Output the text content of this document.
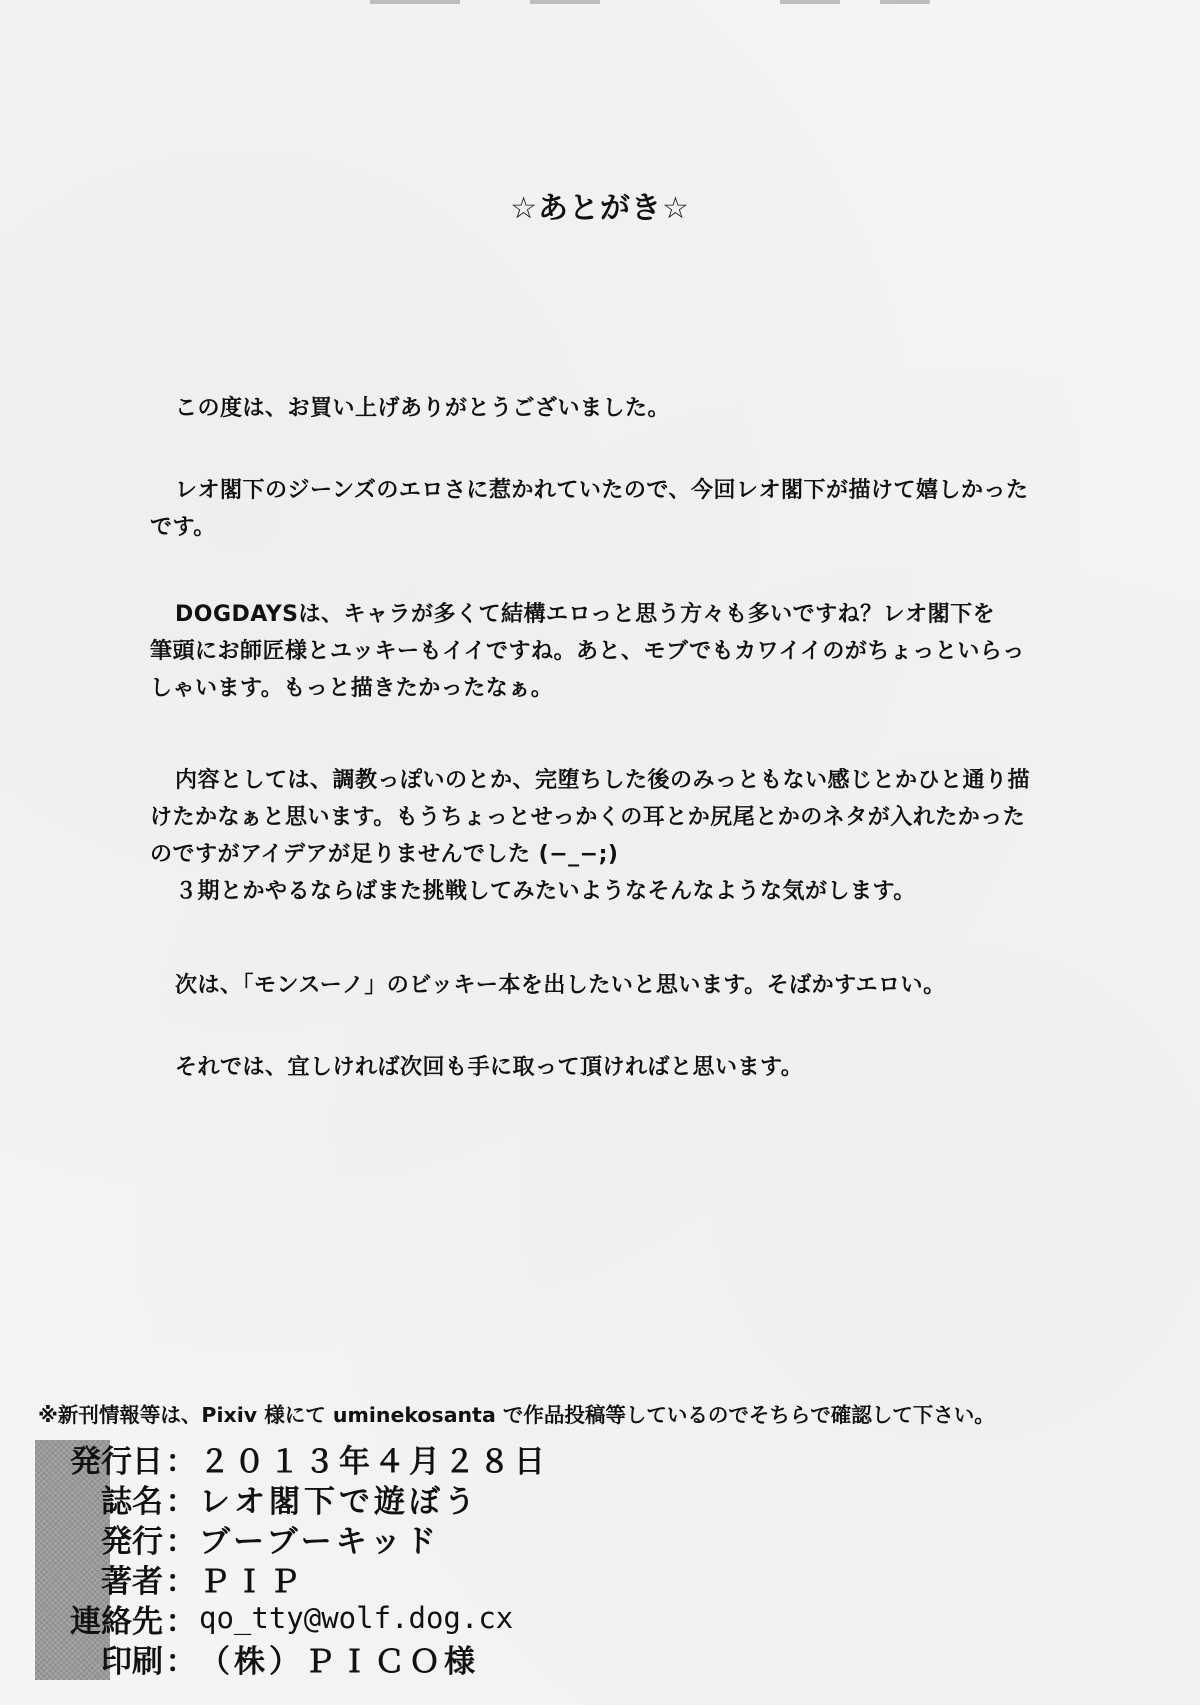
☆あとがき☆
この度は、お買い上げありがとうございました。
レオ閣下のジーンズのエロさに惹かれていたので、今回レオ閣下が描けて嬉しかった
です。
DOGDAYSは、キャラが多くて結構エロっと思う方々も多いですね？レオ閣下を
筆頭にお師匠様とユッキーもイイですね。あと、モブでもカワイイのがちょっといらっ
しゃいます。もっと描きたかったなぁ。
内容としては、調教っぽいのとか、完堕ちした後のみっともない感じとかひと通り描
けたかなぁと思います。もうちょっとせっかくの耳とか尻尾とかのネタが入れたかった
のですがアイデアが足りませんでした (−_−;)
３期とかやるならばまた挑戦してみたいようなそんなような気がします。
次は、「モンスーノ」のビッキー本を出したいと思います。そばかすエロい。
それでは、宜しければ次回も手に取って頂ければと思います。
※新刊情報等は、Pixiv 様にて uminekosanta で作品投稿等しているのでそちらで確認して下さい。
発行日 ： ２０１３年４月２８日
誌名 ： レオ閣下で遊ぼう
発行 ： ブーブーキッド
著者 ： ＰＩＰ
連絡先 ： qo_tty@wolf.dog.cx
印刷 ： （株）ＰＩＣＯ様
